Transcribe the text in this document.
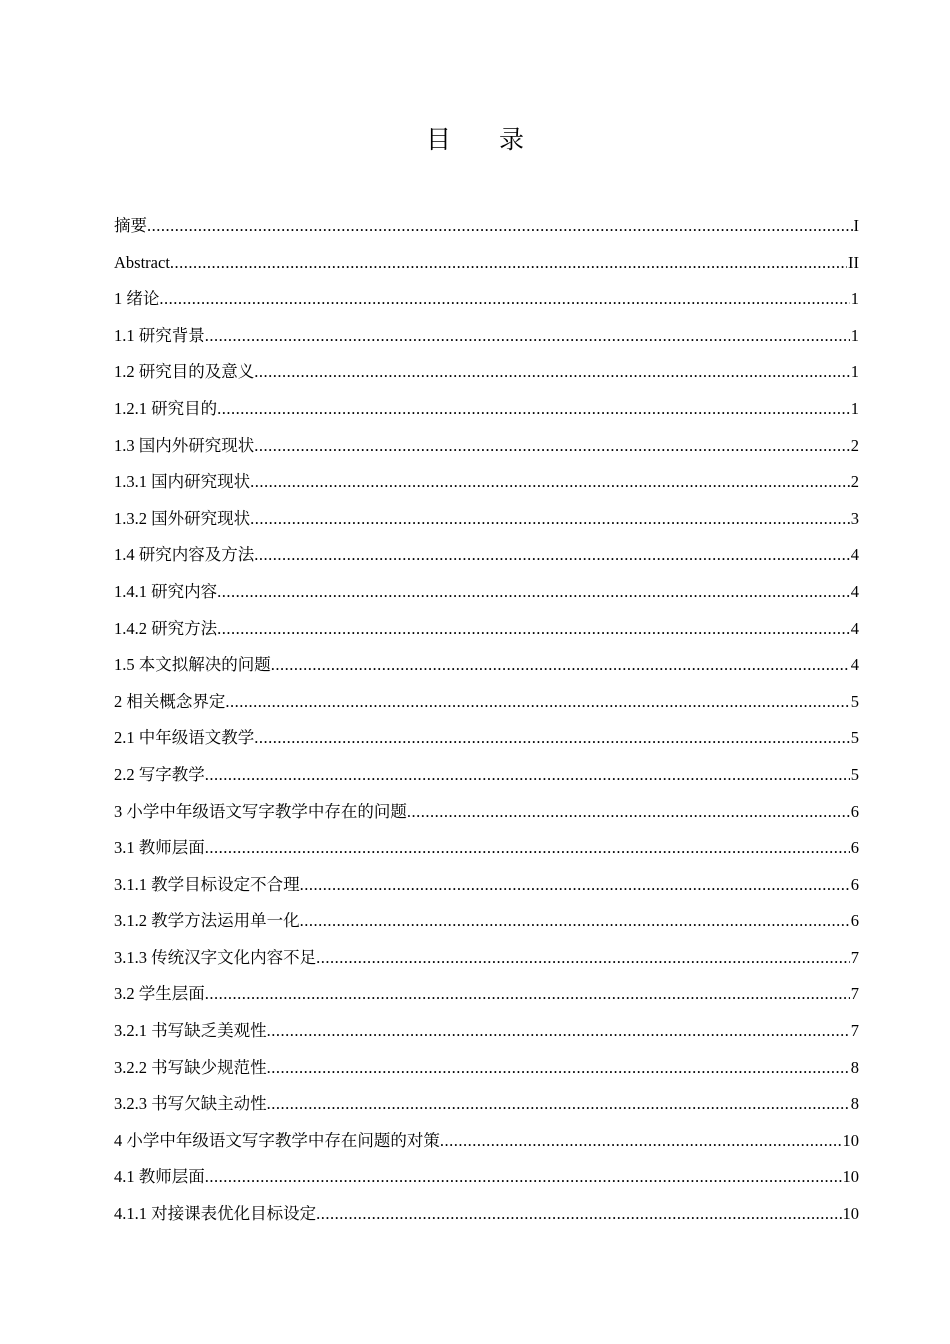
目 录
摘要 .....	I
Abstract .....	II
1 绪论 .....	1
1.1 研究背景 .....	1
1.2 研究目的及意义 .....	1
1.2.1 研究目的 .....	1
1.3 国内外研究现状 .....	2
1.3.1 国内研究现状 .....	2
1.3.2 国外研究现状 .....	3
1.4 研究内容及方法 .....	4
1.4.1 研究内容 .....	4
1.4.2 研究方法 .....	4
1.5 本文拟解决的问题 .....	4
2 相关概念界定 .....	5
2.1 中年级语文教学 .....	5
2.2 写字教学 .....	5
3 小学中年级语文写字教学中存在的问题 .....	6
3.1 教师层面 .....	6
3.1.1 教学目标设定不合理 .....	6
3.1.2 教学方法运用单一化 .....	6
3.1.3 传统汉字文化内容不足 .....	7
3.2 学生层面 .....	7
3.2.1 书写缺乏美观性 .....	7
3.2.2 书写缺少规范性 .....	8
3.2.3 书写欠缺主动性 .....	8
4 小学中年级语文写字教学中存在问题的对策 .....	10
4.1 教师层面 .....	10
4.1.1 对接课表优化目标设定 .....	10
